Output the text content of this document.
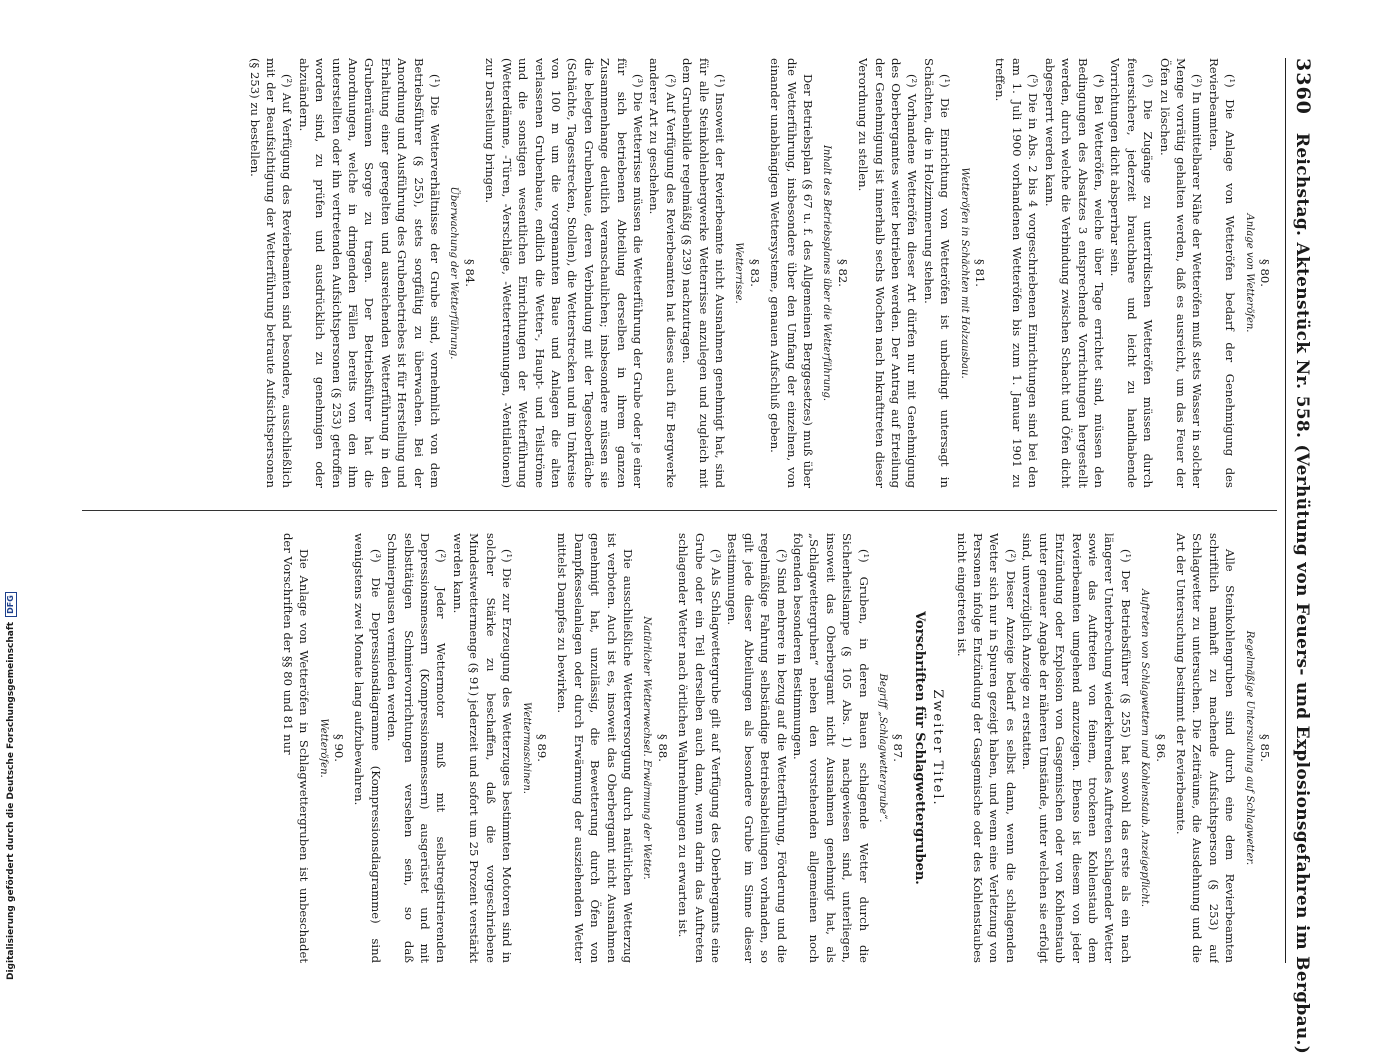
3360
Reichstag. Aktenstück Nr. 558. (Verhütung von Feuers- und Explosionsgefahren im Bergbau.)
§ 80.
Anlage von Wetteröfen.

(¹) Die Anlage von Wetteröfen bedarf der Genehmigung des Revierbeamten.

(²) In unmittelbarer Nähe der Wetteröfen muß stets Wasser in solcher Menge vorrätig gehalten werden, daß es ausreicht, um das Feuer der Öfen zu löschen.

(³) Die Zugänge zu unterirdischen Wetteröfen müssen durch feuersichere, jederzeit brauchbare und leicht zu handhabende Vorrichtungen dicht absperrbar sein.

(⁴) Bei Wetteröfen, welche über Tage errichtet sind, müssen den Bedingungen des Absatzes 3 entsprechende Vorrichtungen hergestellt werden, durch welche die Verbindung zwischen Schacht und Öfen dicht abgesperrt werden kann.

(⁵) Die in Abs. 2 bis 4 vorgeschriebenen Einrichtungen sind bei den am 1. Juli 1900 vorhandenen Wetteröfen bis zum 1. Januar 1901 zu treffen.

§ 81.
Wetteröfen in Schächten mit Holzausbau.

(¹) Die Einrichtung von Wetteröfen ist unbedingt untersagt in Schächten, die in Holzzimmerung stehen.

(²) Vorhandene Wetteröfen dieser Art dürfen nur mit Genehmigung des Oberbergamtes weiter betrieben werden. Der Antrag auf Erteilung der Genehmigung ist innerhalb sechs Wochen nach Inkrafttreten dieser Verordnung zu stellen.

§ 82.
Inhalt des Betriebsplanes über die Wetterführung.

Der Betriebsplan (§ 67 u. f. des Allgemeinen Berggesetzes) muß über die Wetterführung, insbesondere über den Umfang der einzelnen, von einander unabhängigen Wettersysteme, genauen Aufschluß geben.

§ 83.
Wetterrisse.

(¹) Insoweit der Revierbeamte nicht Ausnahmen genehmigt hat, sind für alle Steinkohlenbergwerke Wetterrisse anzulegen und zugleich mit dem Grubenbilde regelmäßig (§ 239) nachzutragen.

(²) Auf Verfügung des Revierbeamten hat dieses auch für Bergwerke anderer Art zu geschehen.

(³) Die Wetterrisse müssen die Wetterführung der Grube oder je einer für sich betriebenen Abteilung derselben in ihrem ganzen Zusammenhange deutlich veranschaulichen; insbesondere müssen sie die belegten Grubenbaue, deren Verbindung mit der Tagesoberfläche (Schächte, Tagesstrecken, Stollen), die Wetterstrecken und im Umkreise von 100 m um die vorgenannten Baue und Anlagen die alten verlassenen Grubenbaue, endlich die Wetter-, Haupt- und Teilströme und die sonstigen wesentlichen Einrichtungen der Wetterführung (Wetterdämme, -Türen, -Verschläge, -Wettertrennungen, -Ventilationen) zur Darstellung bringen.

§ 84.
Überwachung der Wetterführung.

(¹) Die Wetterverhältnisse der Grube sind, vornehmlich von dem Betriebsführer (§ 255), stets sorgfältig zu überwachen. Bei der Anordnung und Ausführung des Grubenbetriebes ist für Herstellung und Erhaltung einer geregelten und ausreichenden Wetterführung in den Grubenräumen Sorge zu tragen. Der Betriebsführer hat die Anordnungen, welche in dringenden Fällen bereits von den ihm unterstellten oder ihn vertretenden Aufsichtspersonen (§ 253) getroffen worden sind, zu prüfen und ausdrücklich zu genehmigen oder abzuändern.

(²) Auf Verfügung des Revierbeamten sind besondere, ausschließlich mit der Beaufsichtigung der Wetterführung betraute Aufsichtspersonen (§ 253) zu bestellen.

§ 85.
Regelmäßige Untersuchung auf Schlagwetter.

Alle Steinkohlengruben sind durch eine dem Revierbeamten schriftlich namhaft zu machende Aufsichtsperson (§ 253) auf Schlagwetter zu untersuchen. Die Zeiträume, die Ausdehnung und die Art der Untersuchung bestimmt der Revierbeamte.

§ 86.
Auftreten von Schlagwettern und Kohlenstaub. Anzeigepflicht.

(¹) Der Betriebsführer (§ 255) hat sowohl das erste als ein nach längerer Unterbrechung wiederkehrendes Auftreten schlagender Wetter sowie das Auftreten von feinem, trockenen Kohlenstaub dem Revierbeamten umgehend anzuzeigen. Ebenso ist diesem von jeder Entzündung oder Explosion von Gasgemischen oder von Kohlenstaub unter genauer Angabe der näheren Umstände, unter welchen sie erfolgt sind, unverzüglich Anzeige zu erstatten.

(²) Dieser Anzeige bedarf es selbst dann, wenn die schlagenden Wetter sich nur in Spuren gezeigt haben, und wenn eine Verletzung von Personen infolge Entzündung der Gasgemische oder des Kohlenstaubes nicht eingetreten ist.

Zweiter Titel.
Vorschriften für Schlagwettergruben.
§ 87.
Begriff „Schlagwettergrube“.

(¹) Gruben, in deren Bauen schlagende Wetter durch die Sicherheitslampe (§ 105 Abs. 1) nachgewiesen sind, unterliegen, insoweit das Oberbergamt nicht Ausnahmen genehmigt hat, als „Schlagwettergruben“ neben den vorstehenden allgemeinen noch folgenden besonderen Bestimmungen.

(²) Sind mehrere in bezug auf die Wetterführung, Förderung und die regelmäßige Fahrung selbständige Betriebsabteilungen vorhanden, so gilt jede dieser Abteilungen als besondere Grube im Sinne dieser Bestimmungen.

(³) Als Schlagwettergrube gilt auf Verfügung des Oberbergamts eine Grube oder ein Teil derselben auch dann, wenn darin das Auftreten schlagender Wetter nach örtlichen Wahrnehmungen zu erwarten ist.

§ 88.
Natürlicher Wetterwechsel. Erwärmung der Wetter.

Die ausschließliche Wetterversorgung durch natürlichen Wetterzug ist verboten. Auch ist es, insoweit das Oberbergamt nicht Ausnahmen genehmigt hat, unzulässig, die Bewetterung durch Öfen von Dampfkesselanlagen oder durch Erwärmung der ausziehenden Wetter mittelst Dampfes zu bewirken.

§ 89.
Wettermaschinen.

(¹) Die zur Erzeugung des Wetterzuges bestimmten Motoren sind in solcher Stärke zu beschaffen, daß die vorgeschriebene Mindestwettermenge (§ 91) jederzeit und sofort um 25 Prozent verstärkt werden kann.

(²) Jeder Wettermotor muß mit selbstregistrierenden Depressionsmessern (Kompressionsmessern) ausgerüstet und mit selbsttätigen Schmiervorrichtungen versehen sein, so daß Schmierpausen vermieden werden.

(³) Die Depressionsdiagramme (Kompressionsdiagramme) sind wenigstens zwei Monate lang aufzubewahren.

§ 90.
Wetteröfen.

Die Anlage von Wetteröfen in Schlagwettergruben ist unbeschadet der Vorschriften der §§ 80 und 81 nur

Digitalisierung gefördert durch die Deutsche Forschungsgemeinschaft
DFG
